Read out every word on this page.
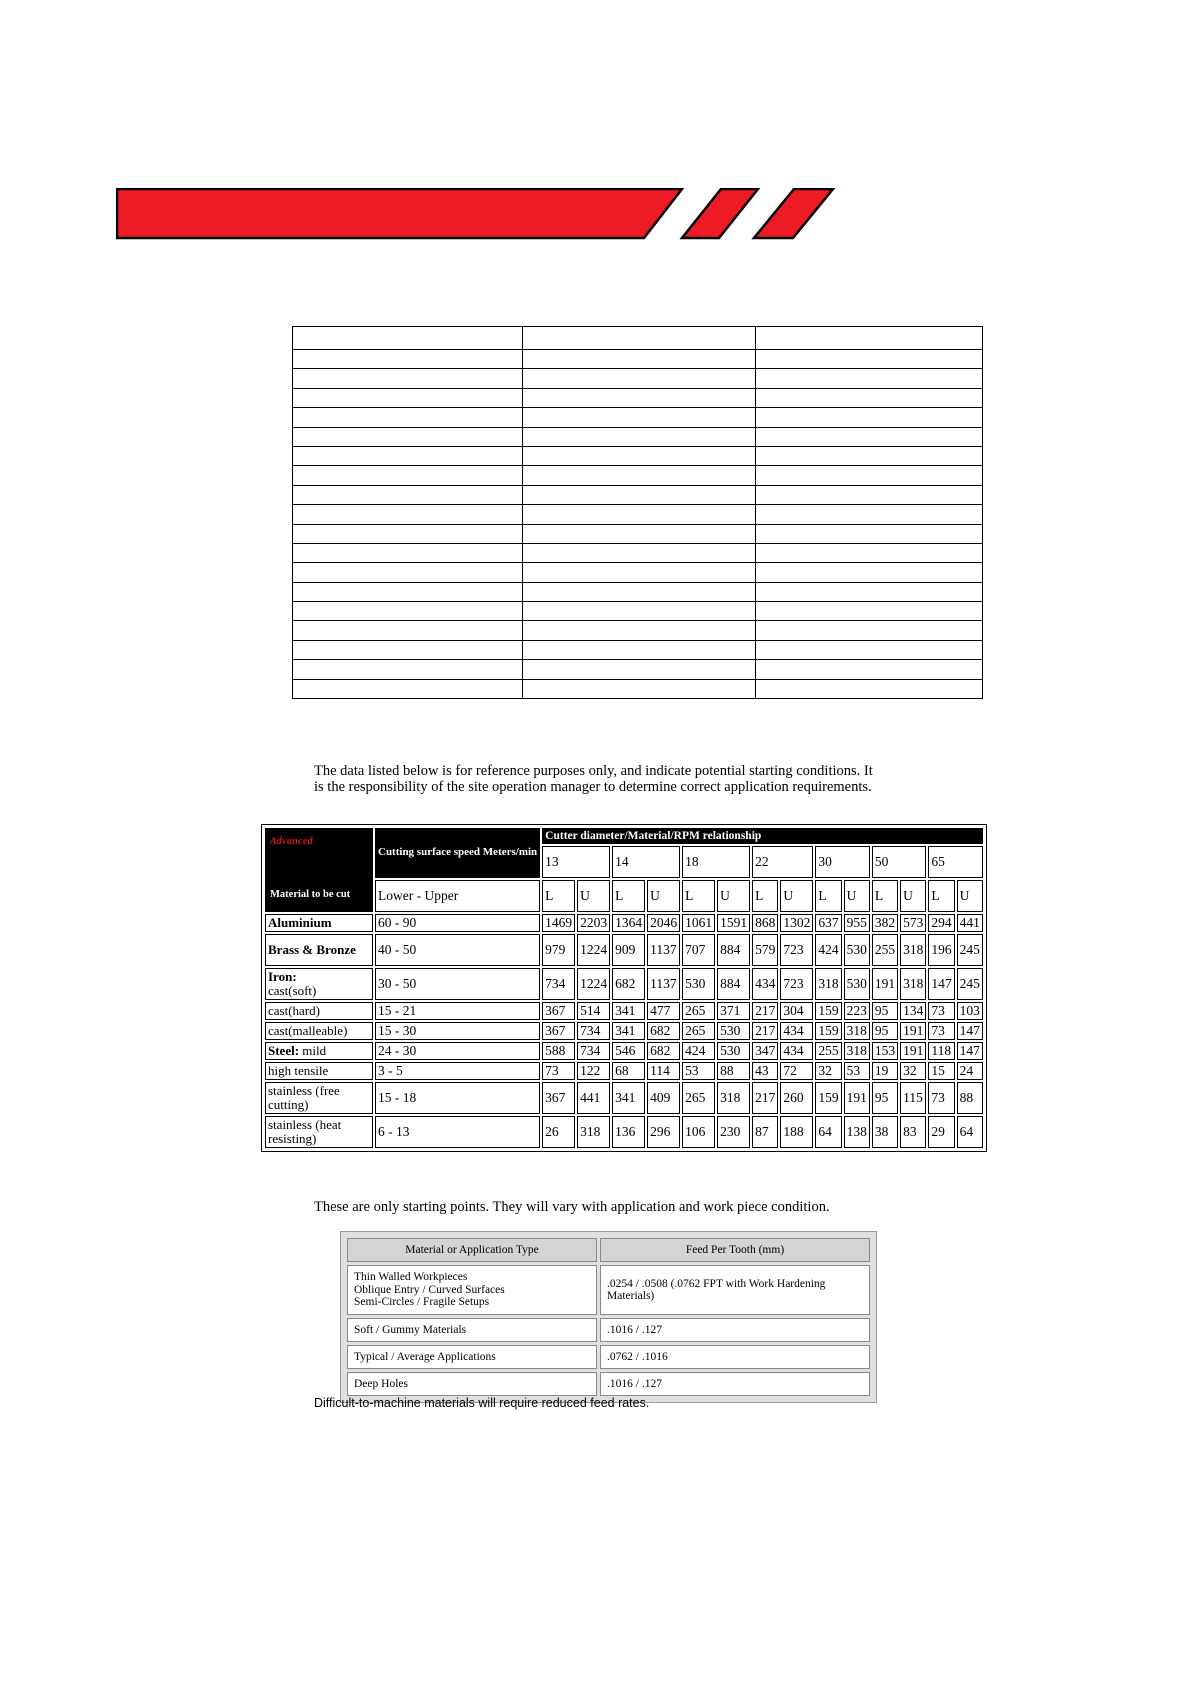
The data listed below is for reference purposes only, and indicate potential starting conditions. It is the responsibility of the site operation manager to determine correct application requirements.
Advanced
Material to be cut	Cutting surface speed Meters/min	Cutter diameter/Material/RPM relationship													
		13		14		18		22		30		50		65	
	Lower - Upper	L	U	L	U	L	U	L	U	L	U	L	U	L	U
Aluminium	60 - 90	1469	2203	1364	2046	1061	1591	868	1302	637	955	382	573	294	441
Brass & Bronze	40 - 50	979	1224	909	1137	707	884	579	723	424	530	255	318	196	245
Iron:
cast(soft)	30 - 50	734	1224	682	1137	530	884	434	723	318	530	191	318	147	245
cast(hard)	15 - 21	367	514	341	477	265	371	217	304	159	223	95	134	73	103
cast(malleable)	15 - 30	367	734	341	682	265	530	217	434	159	318	95	191	73	147
Steel: mild	24 - 30	588	734	546	682	424	530	347	434	255	318	153	191	118	147
high tensile	3 - 5	73	122	68	114	53	88	43	72	32	53	19	32	15	24
stainless (free cutting)	15 - 18	367	441	341	409	265	318	217	260	159	191	95	115	73	88
stainless (heat resisting)	6 - 13	26	318	136	296	106	230	87	188	64	138	38	83	29	64
These are only starting points. They will vary with application and work piece condition.
Material or Application Type	Feed Per Tooth (mm)

Thin Walled Workpieces
Oblique Entry / Curved Surfaces
Semi-Circles / Fragile Setups	.0254 / .0508 (.0762 FPT with Work Hardening Materials)
Soft / Gummy Materials	.1016 / .127
Typical / Average Applications	.0762 / .1016
Deep Holes	.1016 / .127
Difficult-to-machine materials will require reduced feed rates.
